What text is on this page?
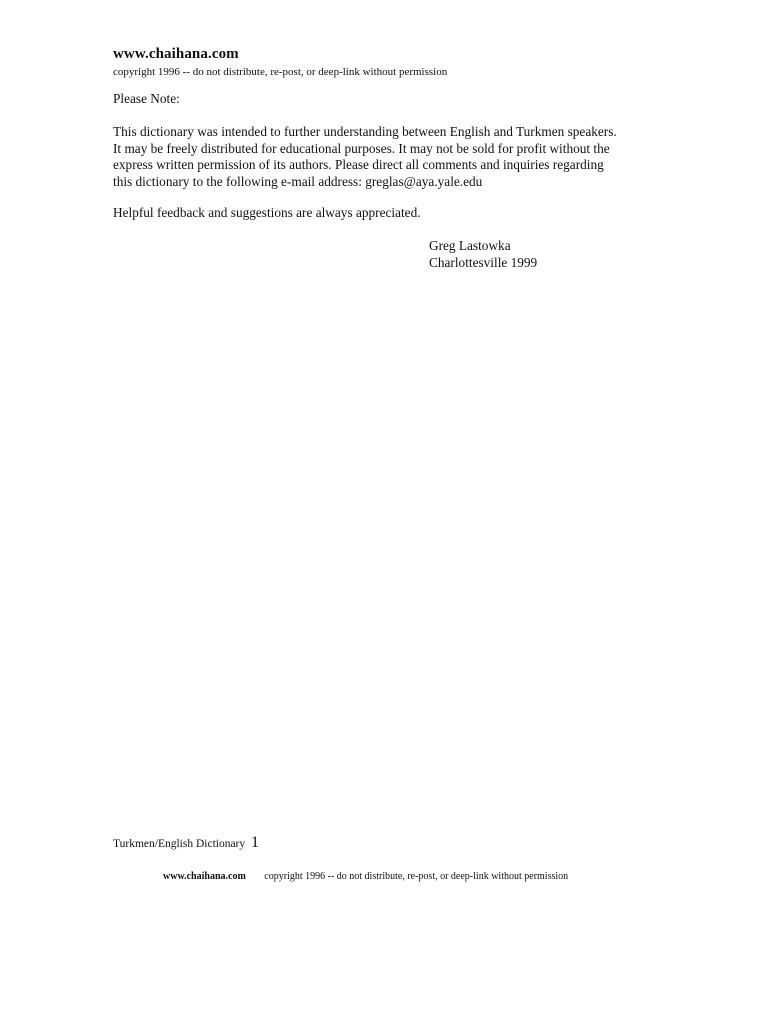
www.chaihana.com
copyright 1996 -- do not distribute, re-post, or deep-link without permission
Please Note:
This dictionary was intended to further understanding between English and Turkmen speakers.
It may be freely distributed for educational purposes. It may not be sold for profit without the
express written permission of its authors. Please direct all comments and inquiries regarding
this dictionary to the following e-mail address: greglas@aya.yale.edu
Helpful feedback and suggestions are always appreciated.
Greg Lastowka
Charlottesville 1999
Turkmen/English Dictionary 1
www.chaihana.com copyright 1996 -- do not distribute, re-post, or deep-link without permission
